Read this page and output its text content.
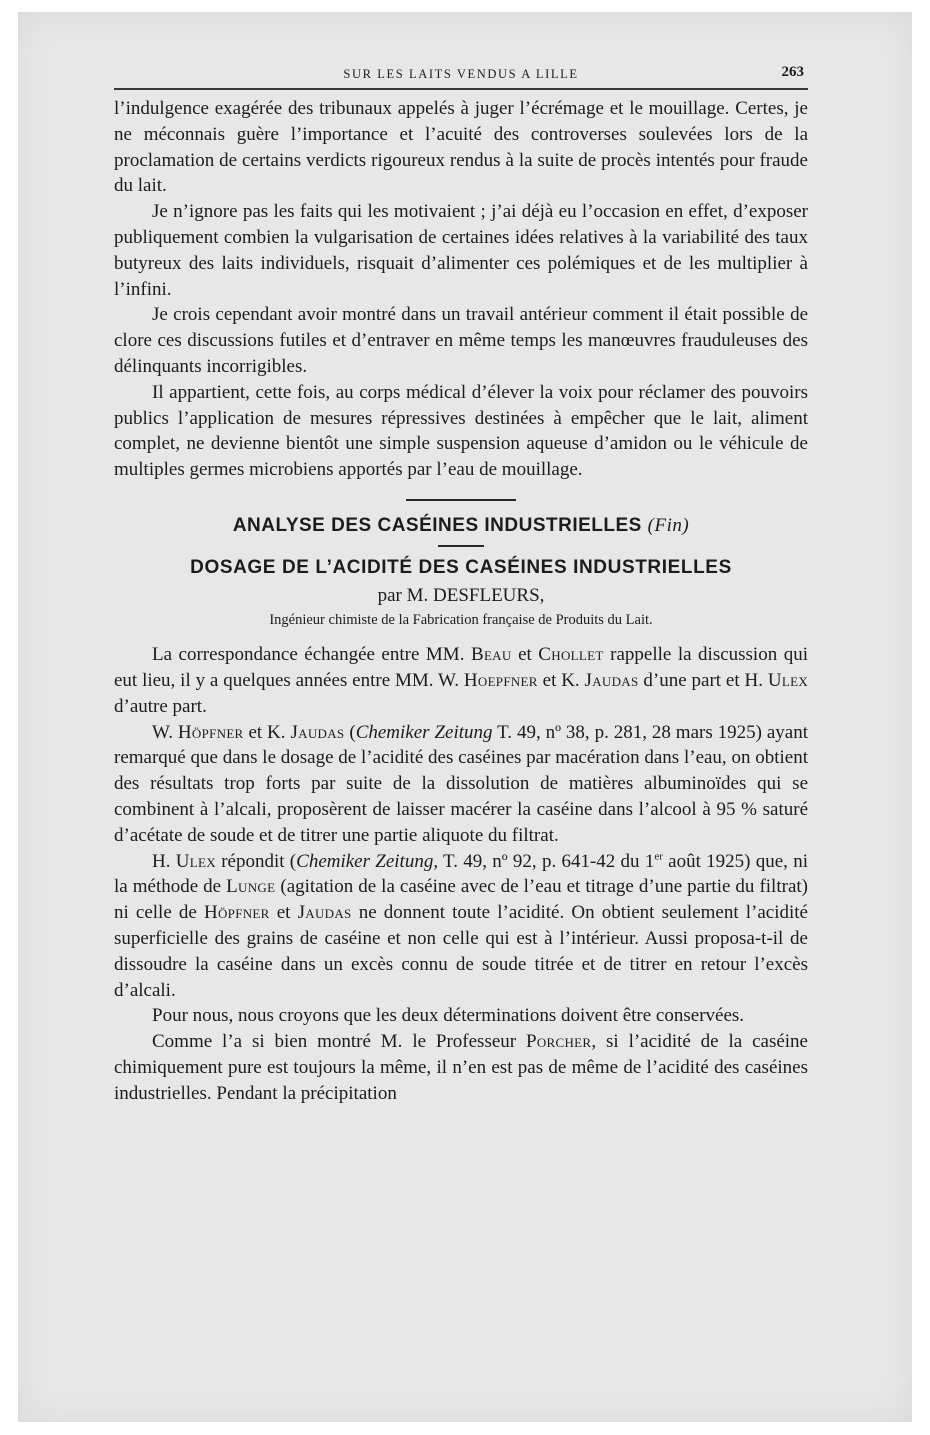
SUR LES LAITS VENDUS A LILLE	263

l’indulgence exagérée des tribunaux appelés à juger l’écrémage et le mouillage. Certes, je ne méconnais guère l’importance et l’acuité des controverses soulevées lors de la proclamation de certains verdicts rigoureux rendus à la suite de procès intentés pour fraude du lait.

Je n’ignore pas les faits qui les motivaient ; j’ai déjà eu l’occasion en effet, d’exposer publiquement combien la vulgarisation de certaines idées relatives à la variabilité des taux butyreux des laits individuels, risquait d’alimenter ces polémiques et de les multiplier à l’infini.

Je crois cependant avoir montré dans un travail antérieur comment il était possible de clore ces discussions futiles et d’entraver en même temps les manœuvres frauduleuses des délinquants incorrigibles.

Il appartient, cette fois, au corps médical d’élever la voix pour réclamer des pouvoirs publics l’application de mesures répressives destinées à empêcher que le lait, aliment complet, ne devienne bientôt une simple suspension aqueuse d’amidon ou le véhicule de multiples germes microbiens apportés par l’eau de mouillage.

ANALYSE DES CASÉINES INDUSTRIELLES (Fin)
DOSAGE DE L’ACIDITÉ DES CASÉINES INDUSTRIELLES
par M. DESFLEURS,
Ingénieur chimiste de la Fabrication française de Produits du Lait.

La correspondance échangée entre MM. Beau et Chollet rappelle la discussion qui eut lieu, il y a quelques années entre MM. W. Hoepfner et K. Jaudas d’une part et H. Ulex d’autre part.

W. Höpfner et K. Jaudas (Chemiker Zeitung T. 49, nº 38, p. 281, 28 mars 1925) ayant remarqué que dans le dosage de l’acidité des caséines par macération dans l’eau, on obtient des résultats trop forts par suite de la dissolution de matières albuminoïdes qui se combinent à l’alcali, proposèrent de laisser macérer la caséine dans l’alcool à 95 % saturé d’acétate de soude et de titrer une partie aliquote du filtrat.

H. Ulex répondit (Chemiker Zeitung, T. 49, nº 92, p. 641-42 du 1er août 1925) que, ni la méthode de Lunge (agitation de la caséine avec de l’eau et titrage d’une partie du filtrat) ni celle de Höpfner et Jaudas ne donnent toute l’acidité. On obtient seulement l’acidité superficielle des grains de caséine et non celle qui est à l’intérieur. Aussi proposa-t-il de dissoudre la caséine dans un excès connu de soude titrée et de titrer en retour l’excès d’alcali.

Pour nous, nous croyons que les deux déterminations doivent être conservées.

Comme l’a si bien montré M. le Professeur Porcher, si l’acidité de la caséine chimiquement pure est toujours la même, il n’en est pas de même de l’acidité des caséines industrielles. Pendant la précipitation
